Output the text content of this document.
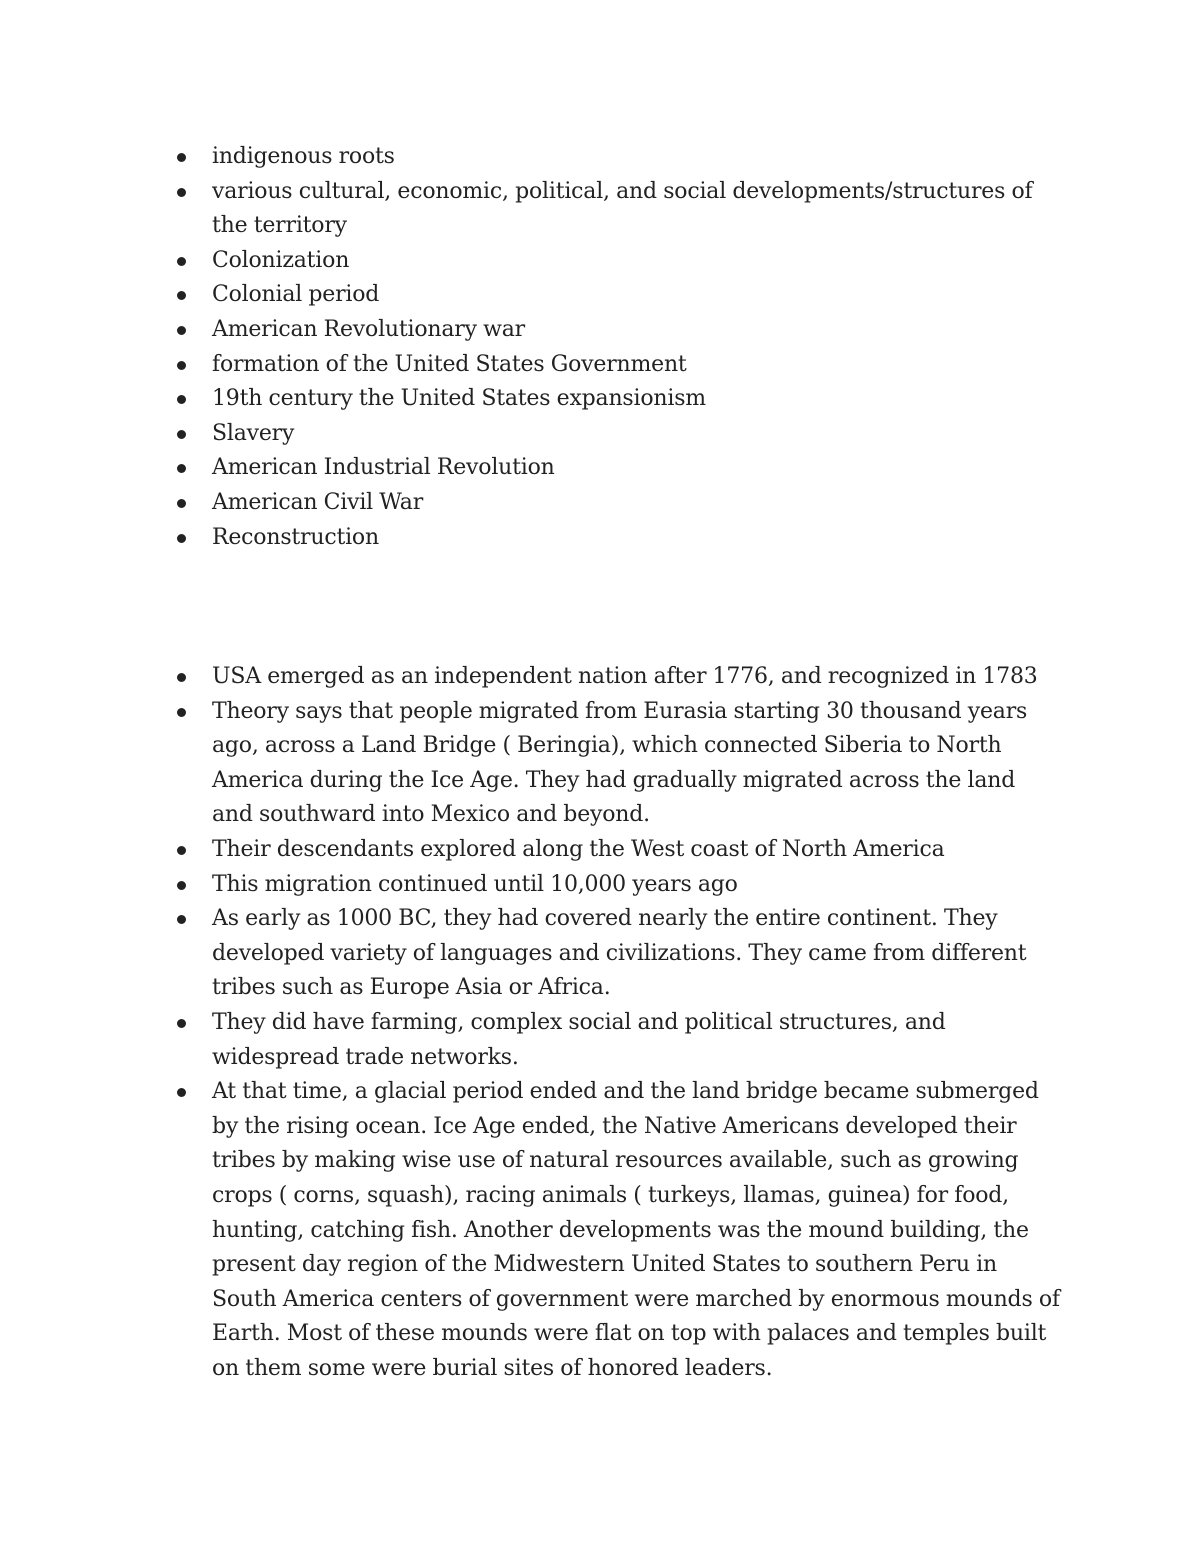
indigenous roots
various cultural, economic, political, and social developments/structures of the territory
Colonization
Colonial period
American Revolutionary war
formation of the United States Government
19th century the United States expansionism
Slavery
American Industrial Revolution
American Civil War
Reconstruction
USA emerged as an independent nation after 1776, and recognized in 1783
Theory says that people migrated from Eurasia starting 30 thousand years ago, across a Land Bridge ( Beringia), which connected Siberia to North America during the Ice Age. They had gradually migrated across the land and southward into Mexico and beyond.
Their descendants explored along the West coast of North America
This migration continued until 10,000 years ago
As early as 1000 BC, they had covered nearly the entire continent. They developed variety of languages and civilizations. They came from different tribes such as Europe Asia or Africa.
They did have farming, complex social and political structures, and widespread trade networks.
At that time, a glacial period ended and the land bridge became submerged by the rising ocean. Ice Age ended, the Native Americans developed their tribes by making wise use of natural resources available, such as growing crops ( corns, squash), racing animals ( turkeys, llamas, guinea) for food, hunting, catching fish. Another developments was the mound building, the present day region of the Midwestern United States to southern Peru in South America centers of government were marched by enormous mounds of Earth. Most of these mounds were flat on top with palaces and temples built on them some were burial sites of honored leaders.
